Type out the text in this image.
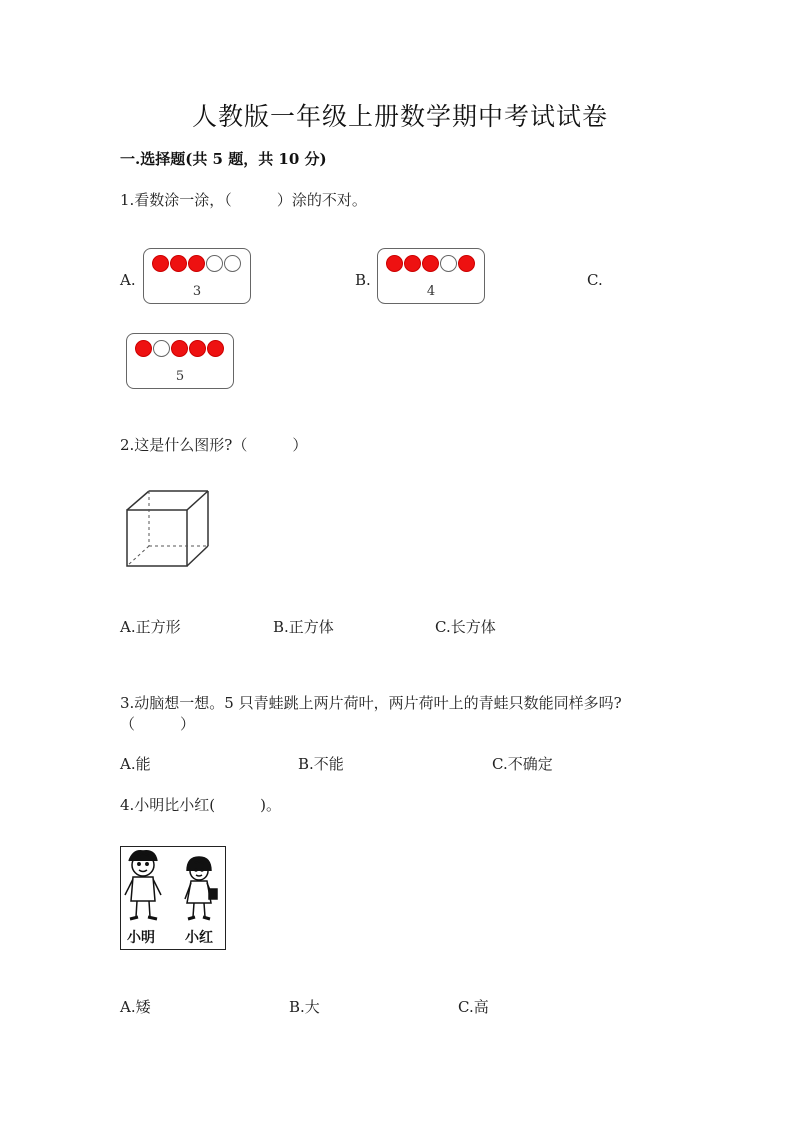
人教版一年级上册数学期中考试试卷
一.选择题(共 5 题，共 10 分)
1.看数涂一涂，（　　　）涂的不对。
A.
3
B.
4
C.
5
2.这是什么图形?（　　　）
A.正方形	B.正方体	C.长方体
3.动脑想一想。5 只青蛙跳上两片荷叶，两片荷叶上的青蛙只数能同样多吗?
（　　　）
A.能	B.不能	C.不确定
4.小明比小红(　　　)。
小明 小红
A.矮	B.大	C.高
